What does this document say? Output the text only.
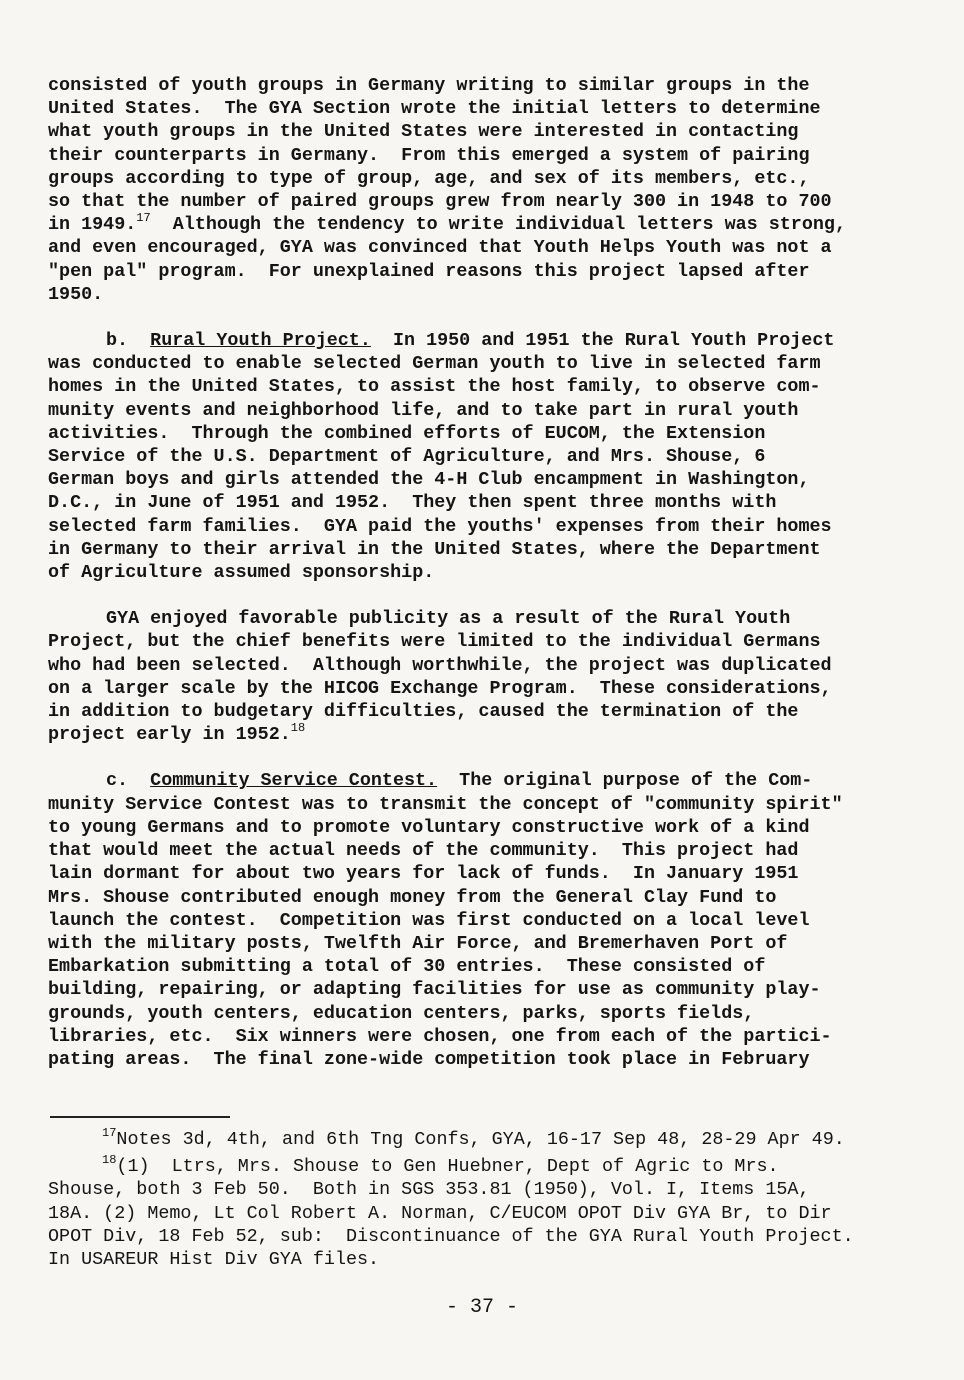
consisted of youth groups in Germany writing to similar groups in the
United States.  The GYA Section wrote the initial letters to determine
what youth groups in the United States were interested in contacting
their counterparts in Germany.  From this emerged a system of pairing
groups according to type of group, age, and sex of its members, etc.,
so that the number of paired groups grew from nearly 300 in 1948 to 700
in 1949.17  Although the tendency to write individual letters was strong,
and even encouraged, GYA was convinced that Youth Helps Youth was not a
"pen pal" program.  For unexplained reasons this project lapsed after
1950.

b. Rural Youth Project.  In 1950 and 1951 the Rural Youth Project
was conducted to enable selected German youth to live in selected farm
homes in the United States, to assist the host family, to observe com-
munity events and neighborhood life, and to take part in rural youth
activities.  Through the combined efforts of EUCOM, the Extension
Service of the U.S. Department of Agriculture, and Mrs. Shouse, 6
German boys and girls attended the 4-H Club encampment in Washington,
D.C., in June of 1951 and 1952.  They then spent three months with
selected farm families.  GYA paid the youths' expenses from their homes
in Germany to their arrival in the United States, where the Department
of Agriculture assumed sponsorship.

GYA enjoyed favorable publicity as a result of the Rural Youth
Project, but the chief benefits were limited to the individual Germans
who had been selected.  Although worthwhile, the project was duplicated
on a larger scale by the HICOG Exchange Program.  These considerations,
in addition to budgetary difficulties, caused the termination of the
project early in 1952.18

c. Community Service Contest.  The original purpose of the Com-
munity Service Contest was to transmit the concept of "community spirit"
to young Germans and to promote voluntary constructive work of a kind
that would meet the actual needs of the community.  This project had
lain dormant for about two years for lack of funds.  In January 1951
Mrs. Shouse contributed enough money from the General Clay Fund to
launch the contest.  Competition was first conducted on a local level
with the military posts, Twelfth Air Force, and Bremerhaven Port of
Embarkation submitting a total of 30 entries.  These consisted of
building, repairing, or adapting facilities for use as community play-
grounds, youth centers, education centers, parks, sports fields,
libraries, etc.  Six winners were chosen, one from each of the partici-
pating areas.  The final zone-wide competition took place in February

$^{17}$Notes 3d, 4th, and 6th Tng Confs, GYA, 16-17 Sep 48, 28-29 Apr 49.

$^{18}$(1)  Ltrs, Mrs. Shouse to Gen Huebner, Dept of Agric to Mrs.
Shouse, both 3 Feb 50.  Both in SGS 353.81 (1950), Vol. I, Items 15A,
18A. (2) Memo, Lt Col Robert A. Norman, C/EUCOM OPOT Div GYA Br, to Dir
OPOT Div, 18 Feb 52, sub:  Discontinuance of the GYA Rural Youth Project.
In USAREUR Hist Div GYA files.

- 37 -
